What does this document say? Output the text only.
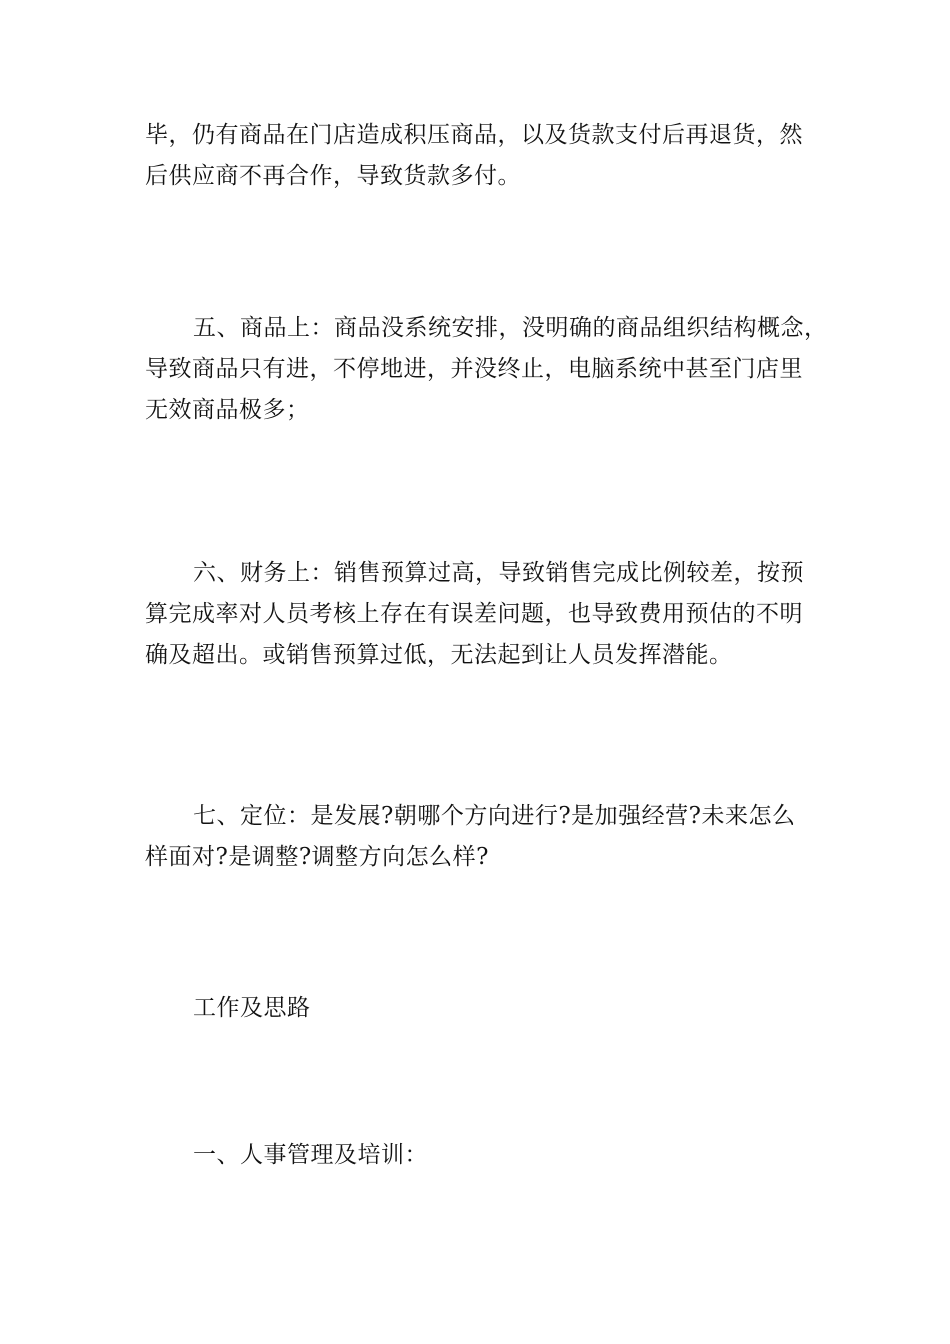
毕，仍有商品在门店造成积压商品，以及货款支付后再退货，然
后供应商不再合作，导致货款多付。
五、商品上：商品没系统安排，没明确的商品组织结构概念，
导致商品只有进，不停地进，并没终止，电脑系统中甚至门店里
无效商品极多；
六、财务上：销售预算过高，导致销售完成比例较差，按预
算完成率对人员考核上存在有误差问题，也导致费用预估的不明
确及超出。或销售预算过低，无法起到让人员发挥潜能。
七、定位：是发展?朝哪个方向进行?是加强经营?未来怎么
样面对?是调整?调整方向怎么样?
工作及思路
一、人事管理及培训：
